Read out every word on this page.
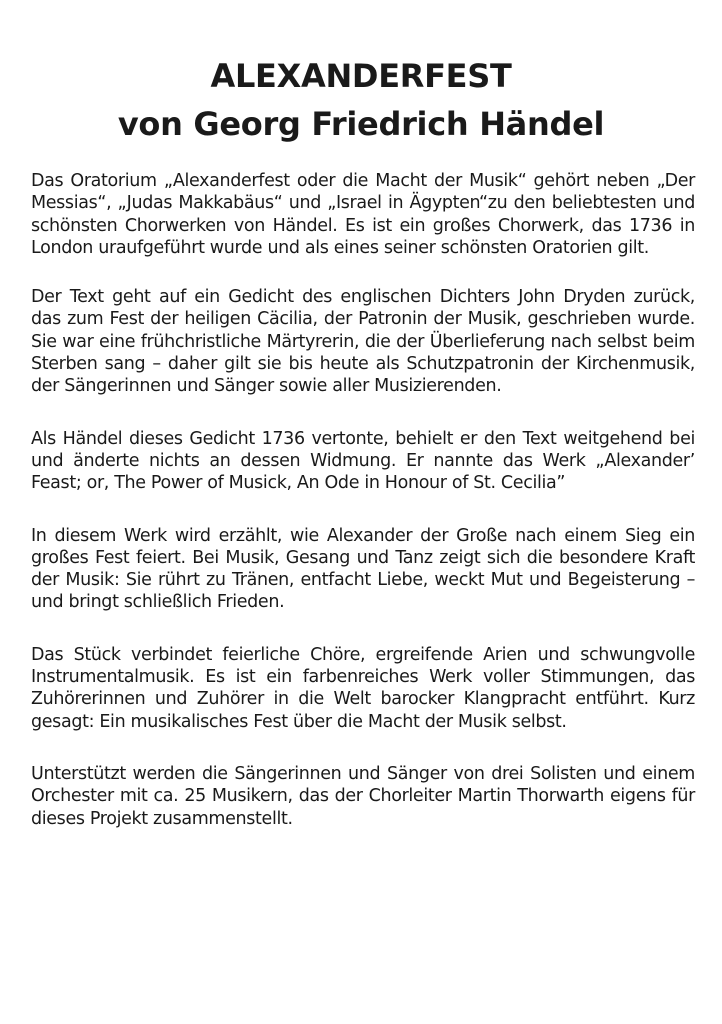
ALEXANDERFEST
von Georg Friedrich Händel

Das Oratorium „Alexanderfest oder die Macht der Musik“ gehört neben „Der Messias“, „Judas Makkabäus“ und „Israel in Ägypten“zu den beliebtesten und schönsten Chorwerken von Händel. Es ist ein großes Chorwerk, das 1736 in London uraufgeführt wurde und als eines seiner schönsten Oratorien gilt.

Der Text geht auf ein Gedicht des englischen Dichters John Dryden zurück, das zum Fest der heiligen Cäcilia, der Patronin der Musik, geschrieben wurde. Sie war eine frühchristliche Märtyrerin, die der Überlieferung nach selbst beim Sterben sang – daher gilt sie bis heute als Schutzpatronin der Kirchenmusik, der Sängerinnen und Sänger sowie aller Musizierenden.

Als Händel dieses Gedicht 1736 vertonte, behielt er den Text weitgehend bei und änderte nichts an dessen Widmung. Er nannte das Werk „Alexander’ Feast; or, The Power of Musick, An Ode in Honour of St. Cecilia”

In diesem Werk wird erzählt, wie Alexander der Große nach einem Sieg ein großes Fest feiert. Bei Musik, Gesang und Tanz zeigt sich die besondere Kraft der Musik: Sie rührt zu Tränen, entfacht Liebe, weckt Mut und Begeisterung –und bringt schließlich Frieden.

Das Stück verbindet feierliche Chöre, ergreifende Arien und schwungvolle Instrumentalmusik. Es ist ein farbenreiches Werk voller Stimmungen, das Zuhörerinnen und Zuhörer in die Welt barocker Klangpracht entführt. Kurz gesagt: Ein musikalisches Fest über die Macht der Musik selbst.

Unterstützt werden die Sängerinnen und Sänger von drei Solisten und einem Orchester mit ca. 25 Musikern, das der Chorleiter Martin Thorwarth eigens für dieses Projekt zusammenstellt.
